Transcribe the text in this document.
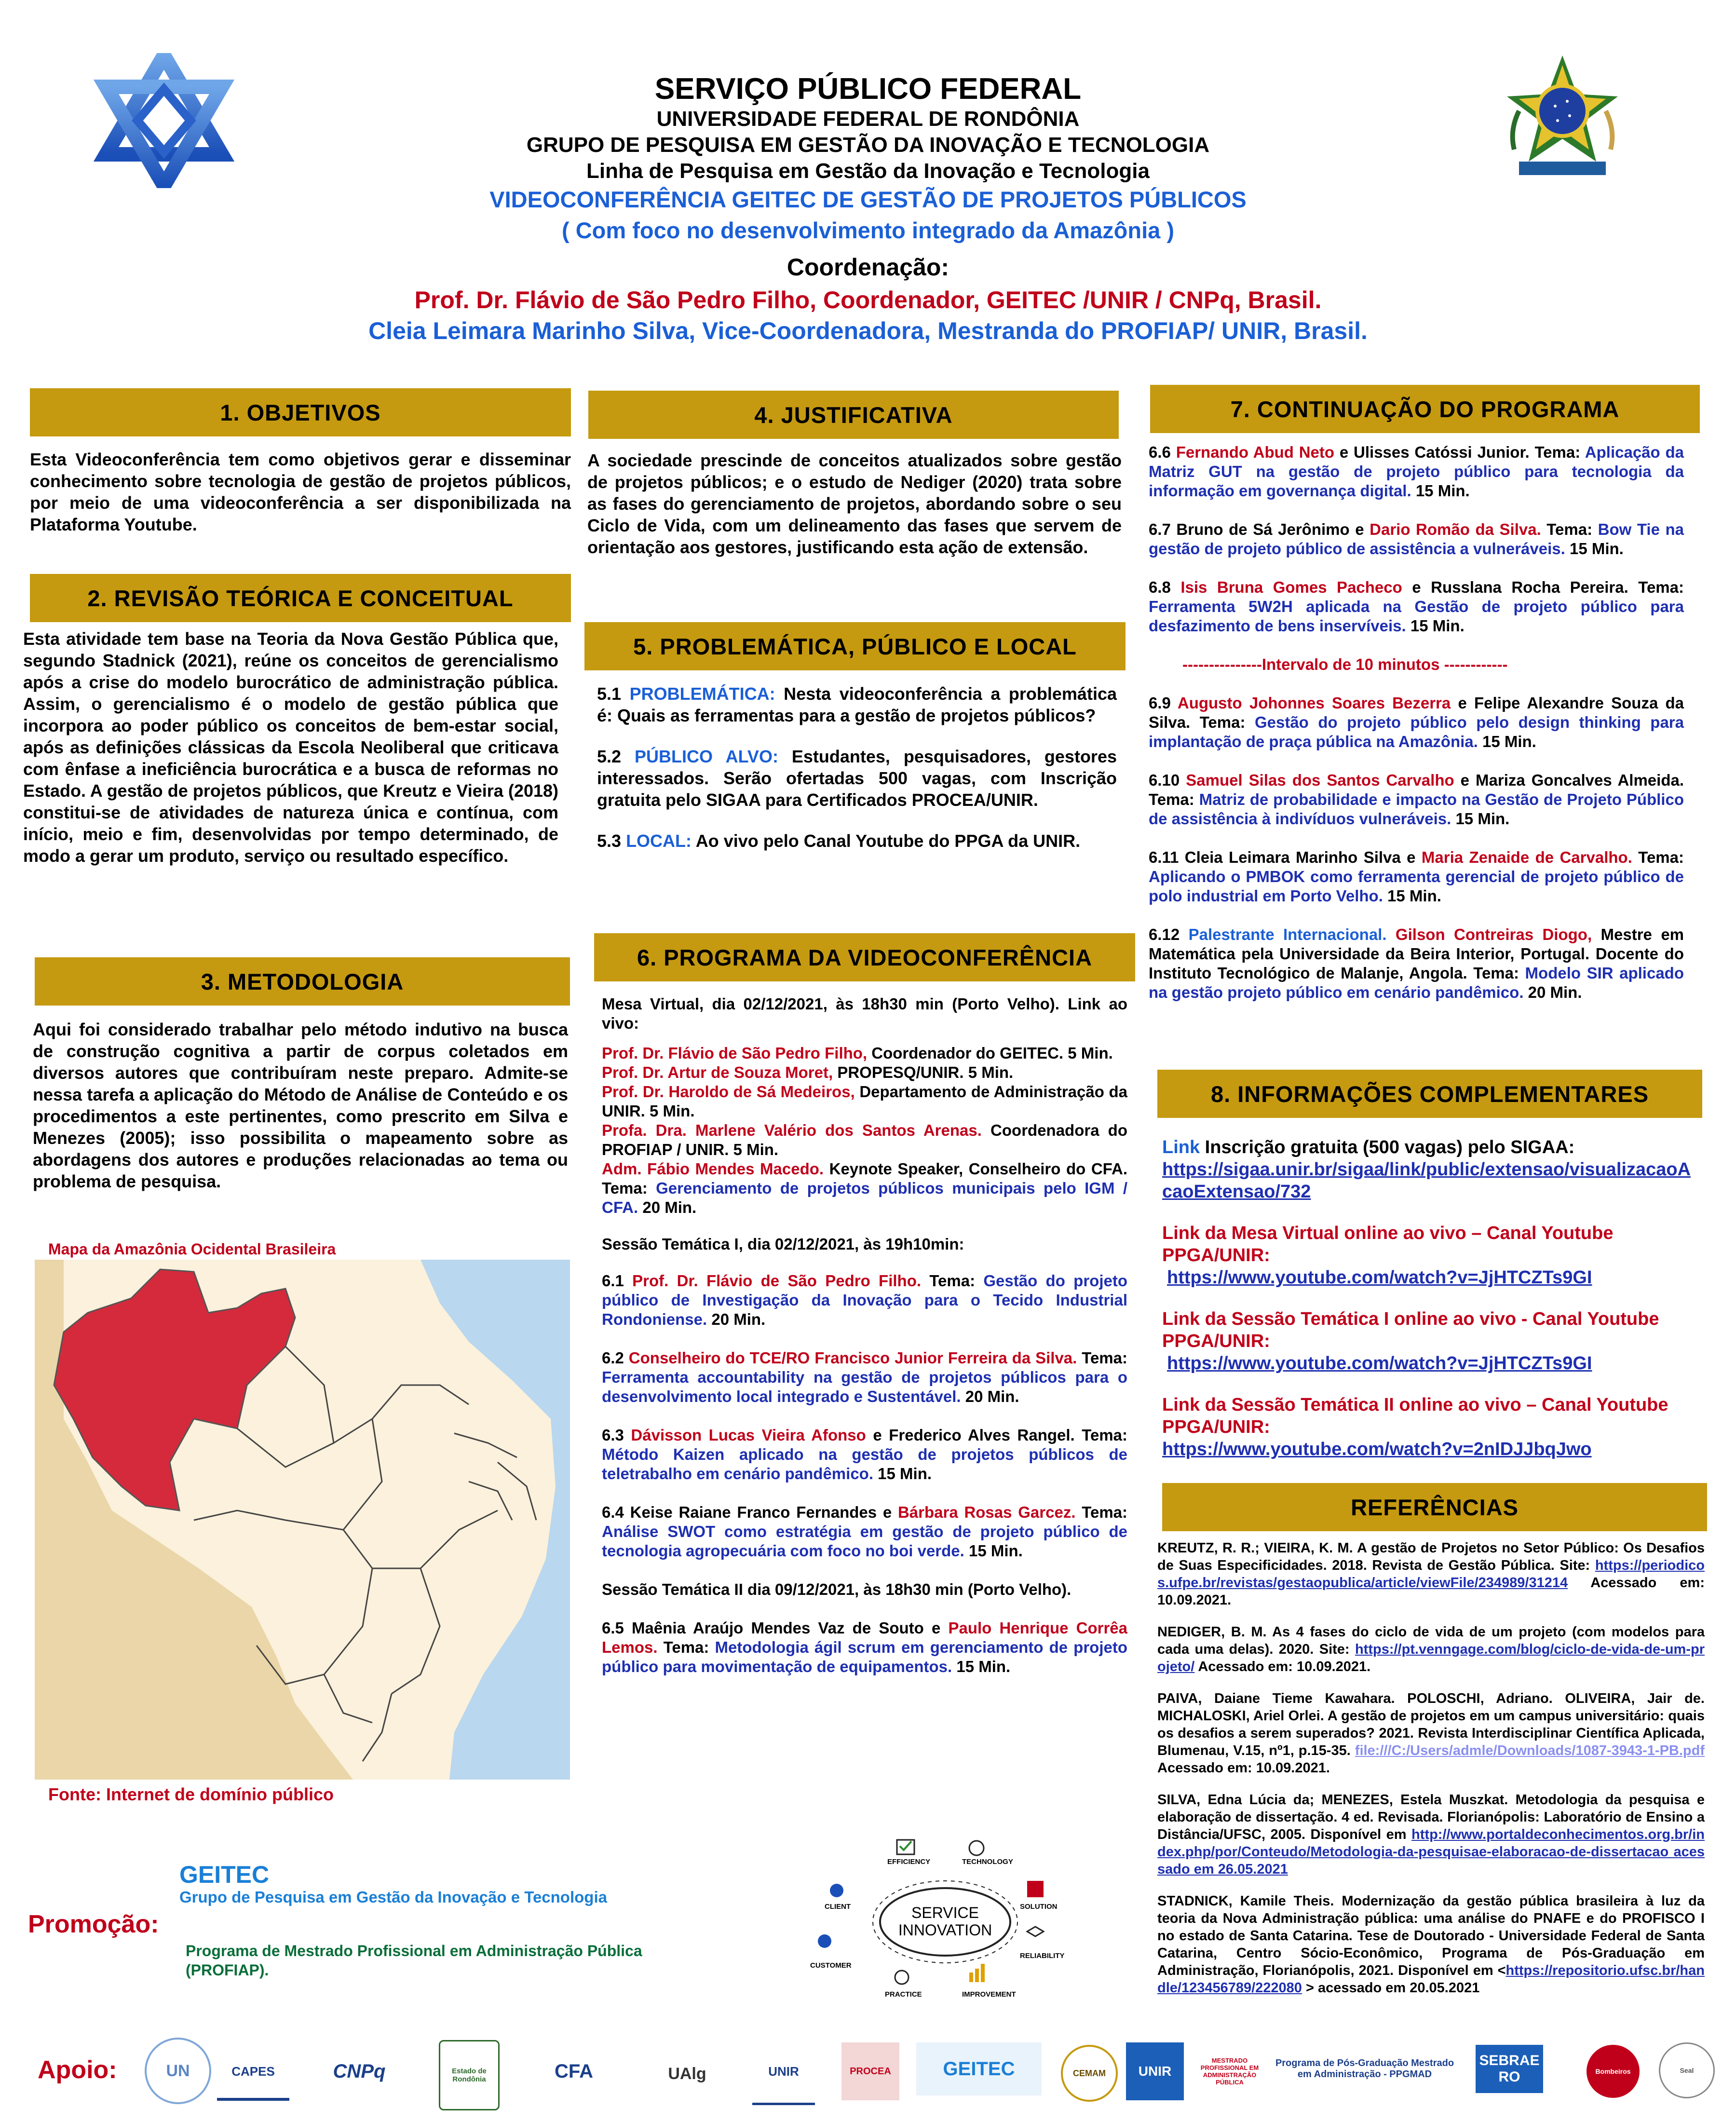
SERVIÇO PÚBLICO FEDERAL
UNIVERSIDADE FEDERAL DE RONDÔNIA
GRUPO DE PESQUISA EM GESTÃO DA INOVAÇÃO E TECNOLOGIA
Linha de Pesquisa em Gestão da Inovação e Tecnologia
VIDEOCONFERÊNCIA GEITEC DE GESTÃO DE PROJETOS PÚBLICOS
( Com foco no desenvolvimento integrado da Amazônia )
Coordenação:
Prof. Dr. Flávio de São Pedro Filho, Coordenador, GEITEC /UNIR / CNPq, Brasil.
Cleia Leimara Marinho Silva, Vice-Coordenadora, Mestranda do PROFIAP/ UNIR, Brasil.
1. OBJETIVOS
Esta Videoconferência tem como objetivos gerar e disseminar conhecimento sobre tecnologia de gestão de projetos públicos, por meio de uma videoconferência a ser disponibilizada na Plataforma Youtube.
2. REVISÃO TEÓRICA E CONCEITUAL
Esta atividade tem base na Teoria da Nova Gestão Pública que, segundo Stadnick (2021), reúne os conceitos de gerencialismo após a crise do modelo burocrático de administração pública. Assim, o gerencialismo é o modelo de gestão pública que incorpora ao poder público os conceitos de bem-estar social, após as definições clássicas da Escola Neoliberal que criticava com ênfase a ineficiência burocrática e a busca de reformas no Estado. A gestão de projetos públicos, que Kreutz e Vieira (2018) constitui-se de atividades de natureza única e contínua, com início, meio e fim, desenvolvidas por tempo determinado, de modo a gerar um produto, serviço ou resultado específico.
3. METODOLOGIA
Aqui foi considerado trabalhar pelo método indutivo na busca de construção cognitiva a partir de corpus coletados em diversos autores que contribuíram neste preparo. Admite-se nessa tarefa a aplicação do Método de Análise de Conteúdo e os procedimentos a este pertinentes, como prescrito em Silva e Menezes (2005); isso possibilita o mapeamento sobre as abordagens dos autores e produções relacionadas ao tema ou problema de pesquisa.
Mapa da Amazônia Ocidental Brasileira
Fonte: Internet de domínio público
4. JUSTIFICATIVA
A sociedade prescinde de conceitos atualizados sobre gestão de projetos públicos; e o estudo de Nediger (2020) trata sobre as fases do gerenciamento de projetos, abordando sobre o seu Ciclo de Vida, com um delineamento das fases que servem de orientação aos gestores, justificando esta ação de extensão.
5. PROBLEMÁTICA, PÚBLICO E LOCAL

5.1 PROBLEMÁTICA: Nesta videoconferência a problemática é: Quais as ferramentas para a gestão de projetos públicos?

5.2 PÚBLICO ALVO: Estudantes, pesquisadores, gestores interessados. Serão ofertadas 500 vagas, com Inscrição gratuita pelo SIGAA para Certificados PROCEA/UNIR.

5.3 LOCAL: Ao vivo pelo Canal Youtube do PPGA da UNIR.

6. PROGRAMA DA VIDEOCONFERÊNCIA

Mesa Virtual, dia 02/12/2021, às 18h30 min (Porto Velho). Link ao vivo:

Prof. Dr. Flávio de São Pedro Filho, Coordenador do GEITEC. 5 Min.

Prof. Dr. Artur de Souza Moret, PROPESQ/UNIR. 5 Min.

Prof. Dr. Haroldo de Sá Medeiros, Departamento de Administração da UNIR. 5 Min.

Profa. Dra. Marlene Valério dos Santos Arenas. Coordenadora do PROFIAP / UNIR. 5 Min.

Adm. Fábio Mendes Macedo. Keynote Speaker, Conselheiro do CFA. Tema: Gerenciamento de projetos públicos municipais pelo IGM / CFA. 20 Min.

Sessão Temática I, dia 02/12/2021, às 19h10min:

6.1 Prof. Dr. Flávio de São Pedro Filho. Tema: Gestão do projeto público de Investigação da Inovação para o Tecido Industrial Rondoniense. 20 Min.

6.2 Conselheiro do TCE/RO Francisco Junior Ferreira da Silva. Tema: Ferramenta accountability na gestão de projetos públicos para o desenvolvimento local integrado e Sustentável. 20 Min.

6.3 Dávisson Lucas Vieira Afonso e Frederico Alves Rangel. Tema: Método Kaizen aplicado na gestão de projetos públicos de teletrabalho em cenário pandêmico. 15 Min.

6.4 Keise Raiane Franco Fernandes e Bárbara Rosas Garcez. Tema: Análise SWOT como estratégia em gestão de projeto público de tecnologia agropecuária com foco no boi verde. 15 Min.

Sessão Temática II dia 09/12/2021, às 18h30 min (Porto Velho).

6.5 Maênia Araújo Mendes Vaz de Souto e Paulo Henrique Corrêa Lemos. Tema: Metodologia ágil scrum em gerenciamento de projeto público para movimentação de equipamentos. 15 Min.

7. CONTINUAÇÃO DO PROGRAMA

6.6 Fernando Abud Neto e Ulisses Catóssi Junior. Tema: Aplicação da Matriz GUT na gestão de projeto público para tecnologia da informação em governança digital. 15 Min.

6.7 Bruno de Sá Jerônimo e Dario Romão da Silva. Tema: Bow Tie na gestão de projeto público de assistência a vulneráveis. 15 Min.

6.8 Isis Bruna Gomes Pacheco e Russlana Rocha Pereira. Tema: Ferramenta 5W2H aplicada na Gestão de projeto público para desfazimento de bens inservíveis. 15 Min.

---------------Intervalo de 10 minutos ------------

6.9 Augusto Johonnes Soares Bezerra e Felipe Alexandre Souza da Silva. Tema: Gestão do projeto público pelo design thinking para implantação de praça pública na Amazônia. 15 Min.

6.10 Samuel Silas dos Santos Carvalho e Mariza Goncalves Almeida. Tema: Matriz de probabilidade e impacto na Gestão de Projeto Público de assistência à indivíduos vulneráveis. 15 Min.

6.11 Cleia Leimara Marinho Silva e Maria Zenaide de Carvalho. Tema: Aplicando o PMBOK como ferramenta gerencial de projeto público de polo industrial em Porto Velho. 15 Min.

6.12 Palestrante Internacional. Gilson Contreiras Diogo, Mestre em Matemática pela Universidade da Beira Interior, Portugal. Docente do Instituto Tecnológico de Malanje, Angola. Tema: Modelo SIR aplicado na gestão projeto público em cenário pandêmico. 20 Min.

8. INFORMAÇÕES COMPLEMENTARES

Link Inscrição gratuita (500 vagas) pelo SIGAA:
https://sigaa.unir.br/sigaa/link/public/extensao/visualizacaoAcaoExtensao/732

Link da Mesa Virtual online ao vivo – Canal Youtube PPGA/UNIR:

https://www.youtube.com/watch?v=JjHTCZTs9GI

Link da Sessão Temática I online ao vivo - Canal Youtube PPGA/UNIR:

https://www.youtube.com/watch?v=JjHTCZTs9GI

Link da Sessão Temática II online ao vivo – Canal Youtube PPGA/UNIR:

https://www.youtube.com/watch?v=2nIDJJbqJwo

REFERÊNCIAS

KREUTZ, R. R.; VIEIRA, K. M. A gestão de Projetos no Setor Público: Os Desafios de Suas Especificidades. 2018. Revista de Gestão Pública. Site: https://periodicos.ufpe.br/revistas/gestaopublica/article/viewFile/234989/31214 Acessado em: 10.09.2021.

NEDIGER, B. M. As 4 fases do ciclo de vida de um projeto (com modelos para cada uma delas). 2020. Site: https://pt.venngage.com/blog/ciclo-de-vida-de-um-projeto/ Acessado em: 10.09.2021.

PAIVA, Daiane Tieme Kawahara. POLOSCHI, Adriano. OLIVEIRA, Jair de. MICHALOSKI, Ariel Orlei. A gestão de projetos em um campus universitário: quais os desafios a serem superados? 2021. Revista Interdisciplinar Científica Aplicada, Blumenau, V.15, nº1, p.15-35. file:///C:/Users/admle/Downloads/1087-3943-1-PB.pdf Acessado em: 10.09.2021.

SILVA, Edna Lúcia da; MENEZES, Estela Muszkat. Metodologia da pesquisa e elaboração de dissertação. 4 ed. Revisada. Florianópolis: Laboratório de Ensino a Distância/UFSC, 2005. Disponível em http://www.portaldeconhecimentos.org.br/index.php/por/Conteudo/Metodologia-da-pesquisae-elaboracao-de-dissertacao acessado em 26.05.2021

STADNICK, Kamile Theis. Modernização da gestão pública brasileira à luz da teoria da Nova Administração pública: uma análise do PNAFE e do PROFISCO I no estado de Santa Catarina. Tese de Doutorado - Universidade Federal de Santa Catarina, Centro Sócio-Econômico, Programa de Pós-Graduação em Administração, Florianópolis, 2021. Disponível em <https://repositorio.ufsc.br/handle/123456789/222080 > acessado em 20.05.2021

Promoção:
GEITEC
Grupo de Pesquisa em Gestão da Inovação e Tecnologia
Programa de Mestrado Profissional em Administração Pública (PROFIAP).
SERVICE
INNOVATION
EFFICIENCY	TECHNOLOGY
SOLUTION
RELIABILITY
IMPROVEMENT
PRACTICE
CUSTOMER
CLIENT
Apoio:	UN	CAPES	CNPq	Estado de Rondônia	CFA	UAlg	UNIR	PROCEA	GEITEC	CEMAM	UNIR
MESTRADO PROFISSIONAL EM ADMINISTRAÇÃO PÚBLICA
Programa de Pós-Graduação Mestrado em Administração - PPGMAD
SEBRAE RO	Bombeiros	Seal
